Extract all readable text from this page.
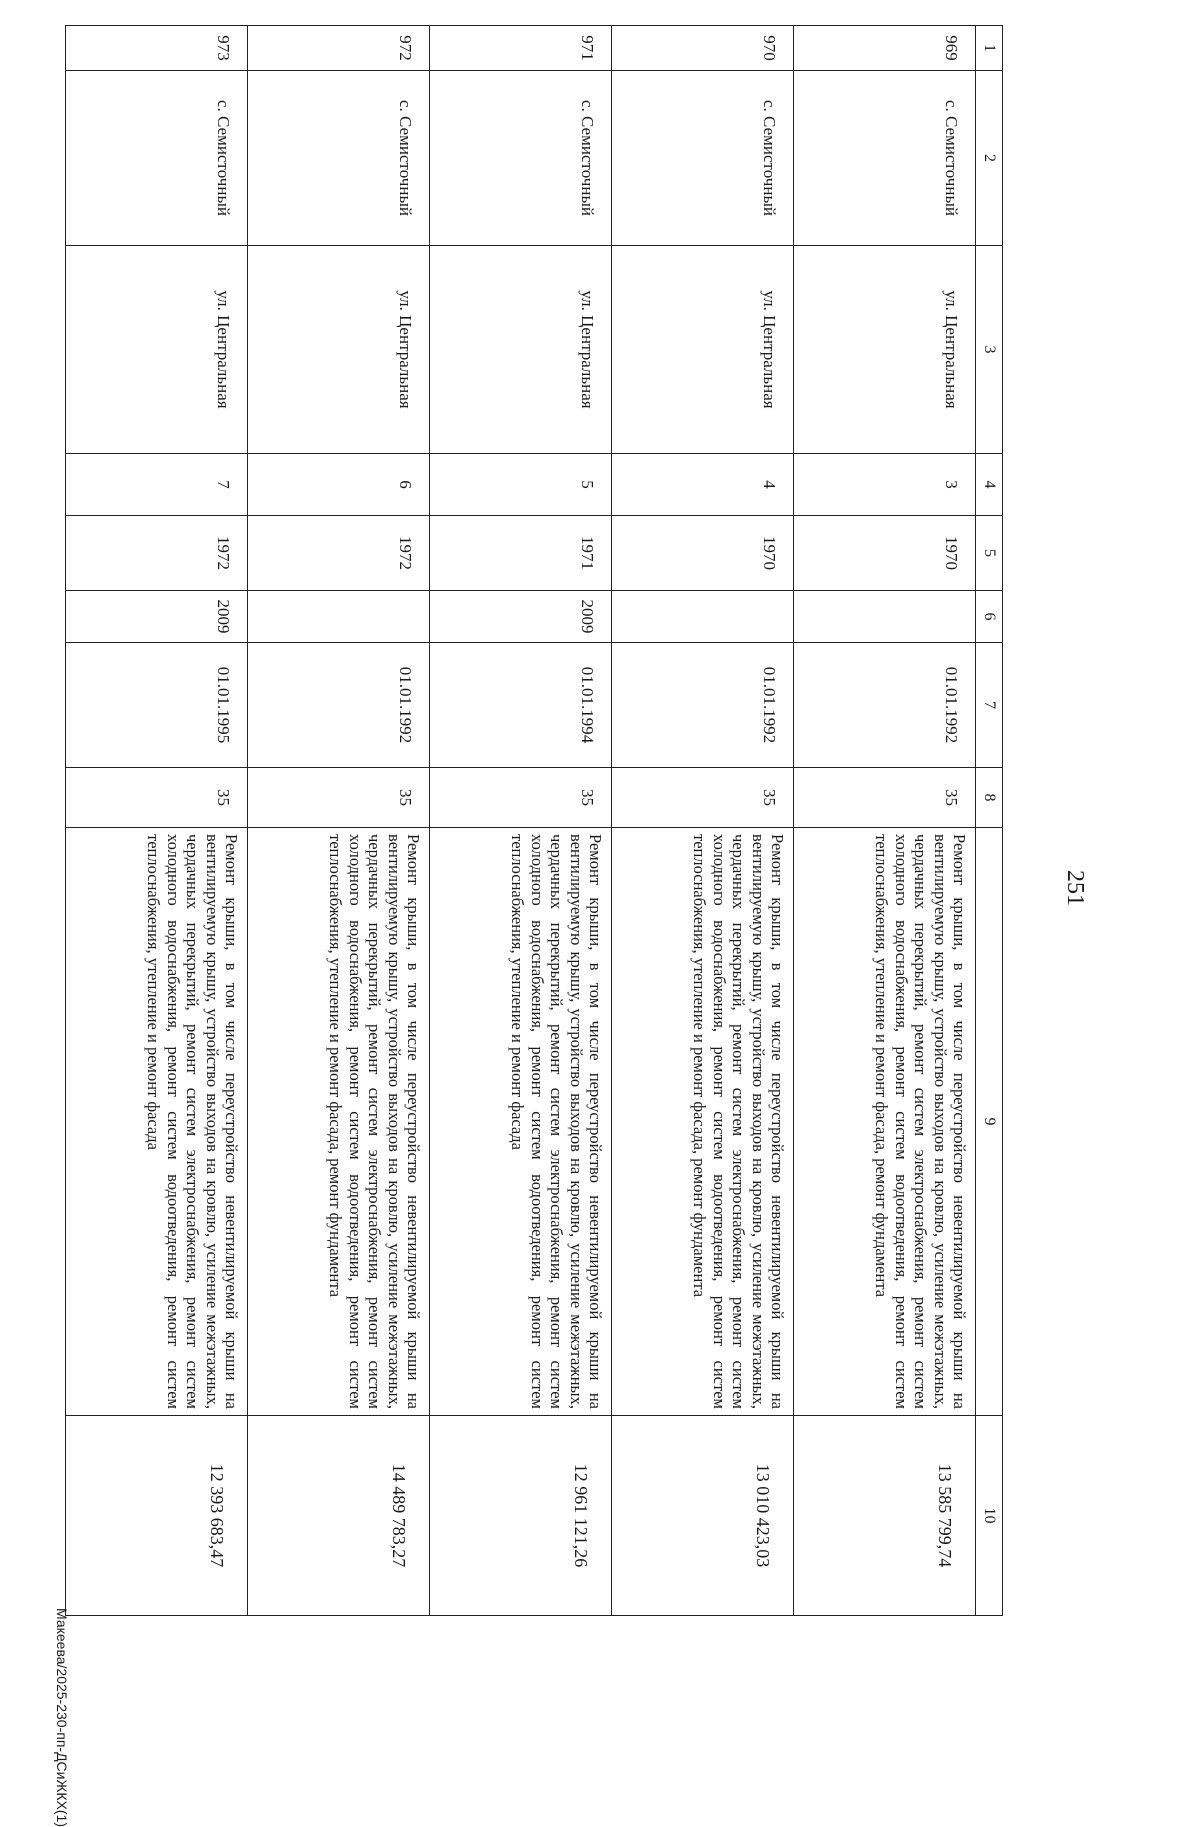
251
1	2	3	4	5	6	7	8	9	10
969	с. Семисточный	ул. Центральная	3	1970		01.01.1992	35	Ремонт крыши, в том числе переустройство невентилируемой крыши на вентилируемую крышу, устройство выходов на кровлю, усиление межэтажных, чердачных перекрытий, ремонт систем электроснабжения, ремонт систем холодного водоснабжения, ремонт систем водоотведения, ремонт систем теплоснабжения, утепление и ремонт фасада, ремонт фундамента	13 585 799,74
970	с. Семисточный	ул. Центральная	4	1970		01.01.1992	35	Ремонт крыши, в том числе переустройство невентилируемой крыши на вентилируемую крышу, устройство выходов на кровлю, усиление межэтажных, чердачных перекрытий, ремонт систем электроснабжения, ремонт систем холодного водоснабжения, ремонт систем водоотведения, ремонт систем теплоснабжения, утепление и ремонт фасада, ремонт фундамента	13 010 423,03
971	с. Семисточный	ул. Центральная	5	1971	2009	01.01.1994	35	Ремонт крыши, в том числе переустройство невентилируемой крыши на вентилируемую крышу, устройство выходов на кровлю, усиление межэтажных, чердачных перекрытий, ремонт систем электроснабжения, ремонт систем холодного водоснабжения, ремонт систем водоотведения, ремонт систем теплоснабжения, утепление и ремонт фасада	12 961 121,26
972	с. Семисточный	ул. Центральная	6	1972		01.01.1992	35	Ремонт крыши, в том числе переустройство невентилируемой крыши на вентилируемую крышу, устройство выходов на кровлю, усиление межэтажных, чердачных перекрытий, ремонт систем электроснабжения, ремонт систем холодного водоснабжения, ремонт систем водоотведения, ремонт систем теплоснабжения, утепление и ремонт фасада, ремонт фундамента	14 489 783,27
973	с. Семисточный	ул. Центральная	7	1972	2009	01.01.1995	35	Ремонт крыши, в том числе переустройство невентилируемой крыши на вентилируемую крышу, устройство выходов на кровлю, усиление межэтажных, чердачных перекрытий, ремонт систем электроснабжения, ремонт систем холодного водоснабжения, ремонт систем водоотведения, ремонт систем теплоснабжения, утепление и ремонт фасада	12 393 683,47
Макеева/2025-230-пп-ДСиЖКХ(1)
